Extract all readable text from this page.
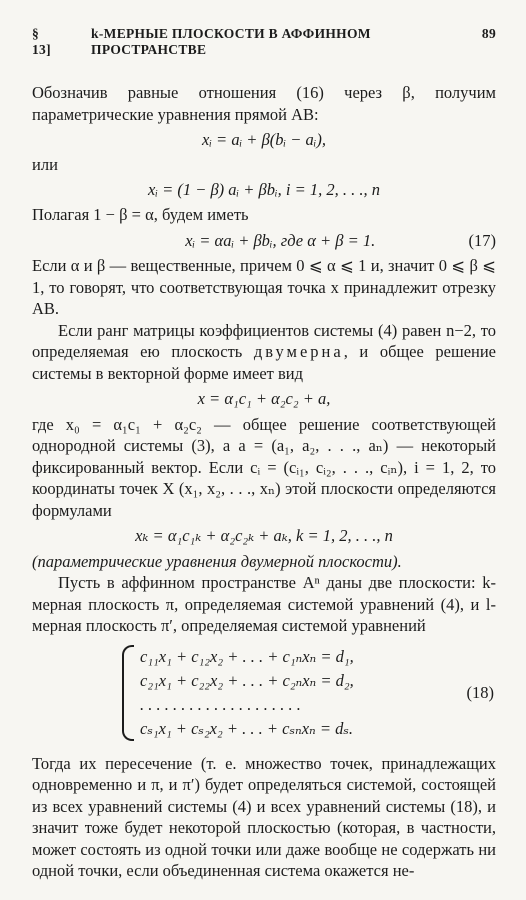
§ 13]
k-МЕРНЫЕ ПЛОСКОСТИ В АФФИННОМ ПРОСТРАНСТВЕ
89

Обозначив равные отношения (16) через β, получим параметрические уравнения прямой AB:

xᵢ = aᵢ + β(bᵢ − aᵢ),
или
xᵢ = (1 − β) aᵢ + βbᵢ, i = 1, 2, . . ., n

Полагая 1 − β = α, будем иметь

xᵢ = αaᵢ + βbᵢ, где α + β = 1.	(17)

Если α и β — вещественные, причем 0 ⩽ α ⩽ 1 и, значит 0 ⩽ β ⩽ 1, то говорят, что соответствующая точка x принадлежит отрезку AB.

Если ранг матрицы коэффициентов системы (4) равен n−2, то определяемая ею плоскость двумерна, и общее решение системы в векторной форме имеет вид

x = α₁c₁ + α₂c₂ + a,

где x₀ = α₁c₁ + α₂c₂ — общее решение соответствующей однородной системы (3), а a = (a₁, a₂, . . ., aₙ) — некоторый фиксированный вектор. Если cᵢ = (cᵢ₁, cᵢ₂, . . ., cᵢₙ), i = 1, 2, то координаты точек X (x₁, x₂, . . ., xₙ) этой плоскости определяются формулами

xₖ = α₁c₁ₖ + α₂c₂ₖ + aₖ, k = 1, 2, . . ., n

(параметрические уравнения двумерной плоскости).

Пусть в аффинном пространстве Aⁿ даны две плоскости: k-мерная плоскость π, определяемая системой уравнений (4), и l-мерная плоскость π′, определяемая системой уравнений

c₁₁x₁ + c₁₂x₂ + . . . + c₁ₙxₙ = d₁,
c₂₁x₁ + c₂₂x₂ + . . . + c₂ₙxₙ = d₂,
. . . . . . . . . . . . . . . . . . . .
cₛ₁x₁ + cₛ₂x₂ + . . . + cₛₙxₙ = dₛ.
(18)

Тогда их пересечение (т. е. множество точек, принадлежащих одновременно и π, и π′) будет определяться системой, состоящей из всех уравнений системы (4) и всех уравнений системы (18), и значит тоже будет некоторой плоскостью (которая, в частности, может состоять из одной точки или даже вообще не содержать ни одной точки, если объединенная система окажется не-
